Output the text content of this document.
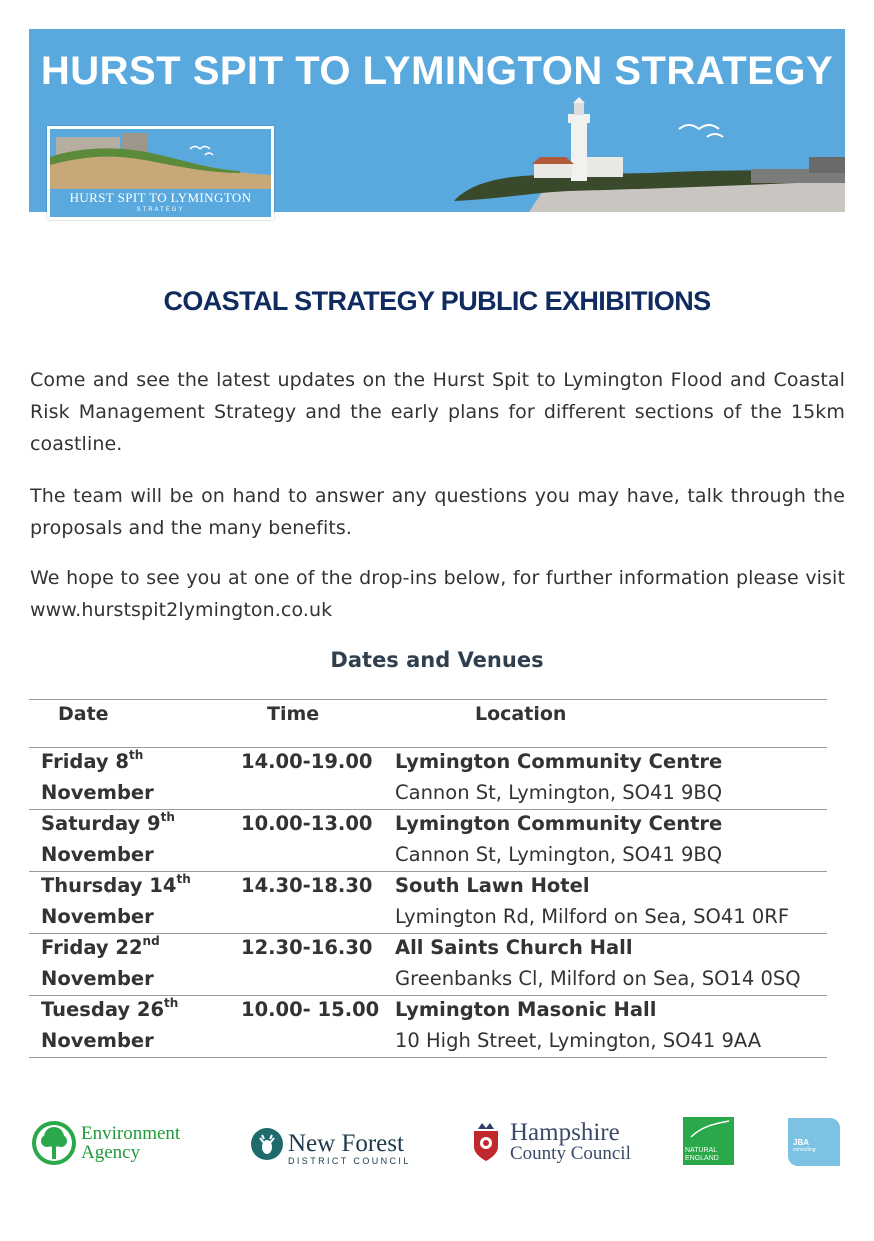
HURST SPIT TO LYMINGTON STRATEGY
HURST SPIT TO LYMINGTON
STRATEGY
COASTAL STRATEGY PUBLIC EXHIBITIONS
Come and see the latest updates on the Hurst Spit to Lymington Flood and Coastal Risk Management Strategy and the early plans for different sections of the 15km coastline.
The team will be on hand to answer any questions you may have, talk through the proposals and the many benefits.
We hope to see you at one of the drop-ins below, for further information please visit www.hurstspit2lymington.co.uk
Dates and Venues
Date	Time	Location
Friday 8th
November
14.00-19.00 Lymington Community Centre
Cannon St, Lymington, SO41 9BQ
Saturday 9th
November
10.00-13.00 Lymington Community Centre
Cannon St, Lymington, SO41 9BQ
Thursday 14th
November
14.30-18.30 South Lawn Hotel
Lymington Rd, Milford on Sea, SO41 0RF
Friday 22nd
November
12.30-16.30 All Saints Church Hall
Greenbanks Cl, Milford on Sea, SO14 0SQ
Tuesday 26th
November
10.00- 15.00 Lymington Masonic Hall
10 High Street, Lymington, SO41 9AA
Environment
Agency	New Forest
DISTRICT COUNCIL
Hampshire
County Council	NATURAL
ENGLAND
JBA
consulting
